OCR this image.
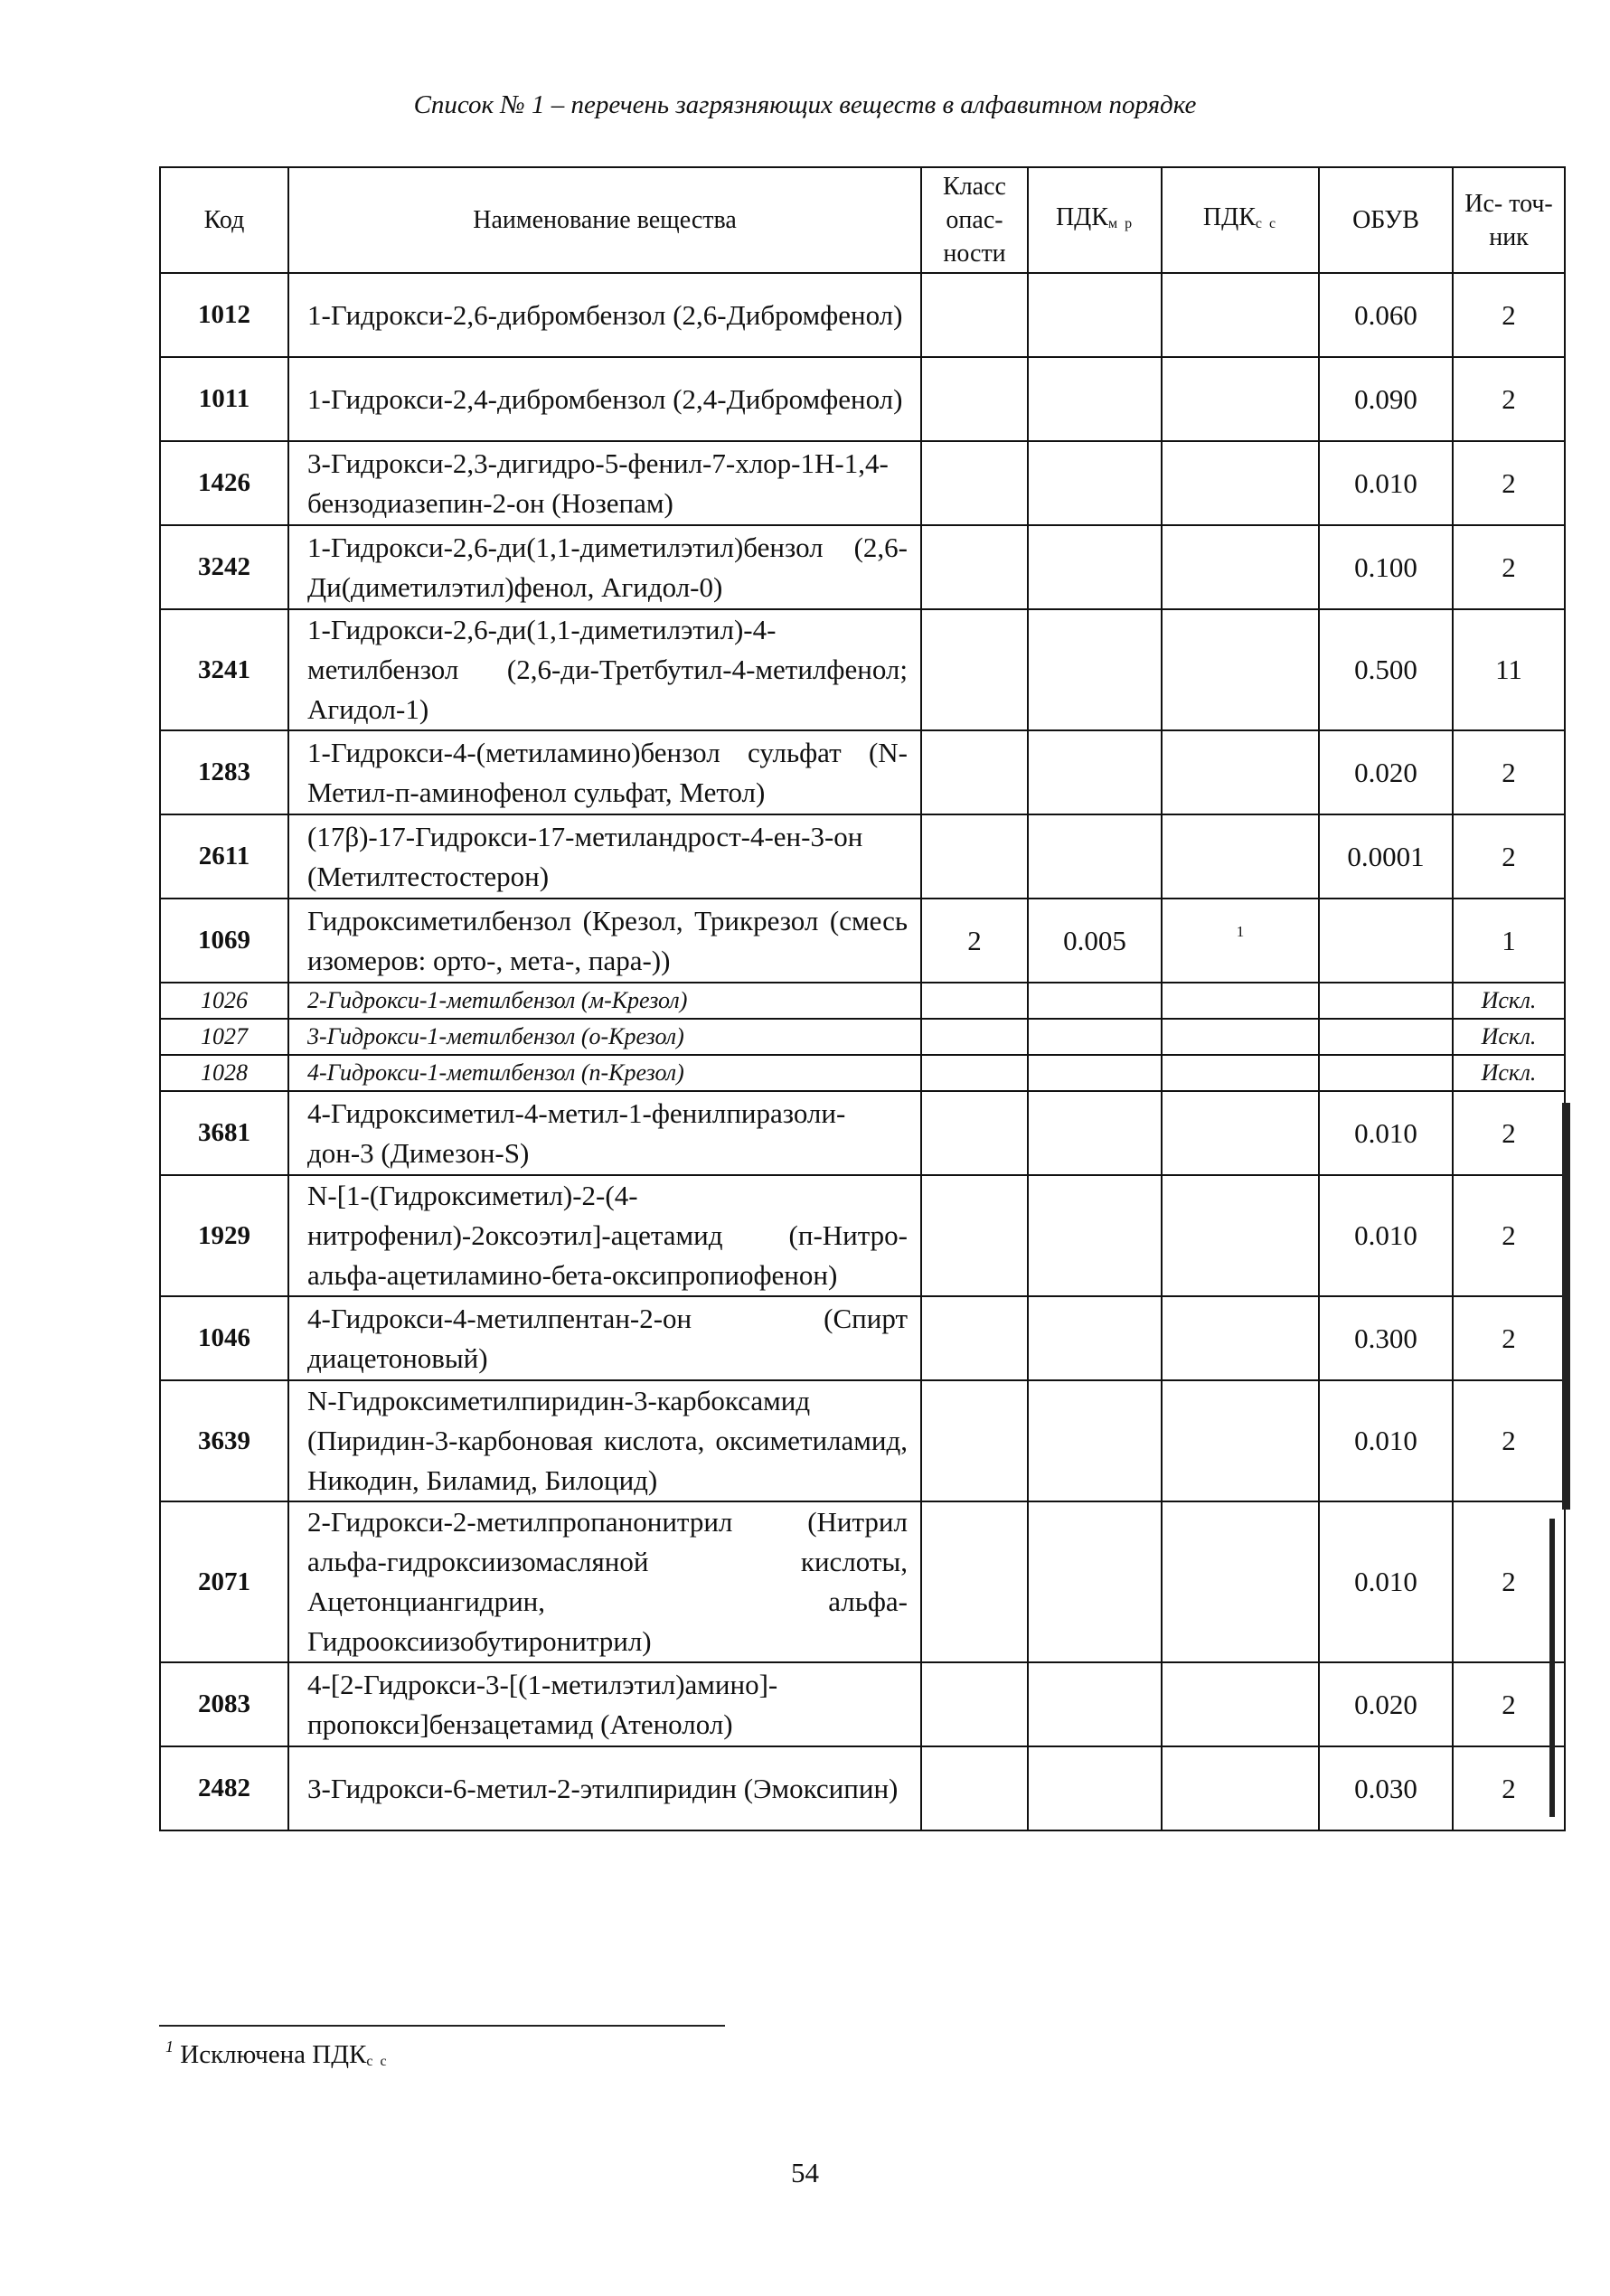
Список № 1 – перечень загрязняющих веществ в алфавитном порядке
Код	Наименование вещества	Класс опас- ности	$ПДК_{м р}$	$ПДК_{с с}$	ОБУВ	Ис- точ- ник
1012	1-Гидрокси-2,6-дибромбензол (2,6-Дибромфенол)				0.060	2
1011	1-Гидрокси-2,4-дибромбензол (2,4-Дибромфенол)				0.090	2
1426	3-Гидрокси-2,3-дигидро-5-фенил-7-хлор-1Н-1,4-бензодиазепин-2-он (Нозепам)				0.010	2
3242	1-Гидрокси-2,6-ди(1,1-диметилэтил)бензол (2,6-Ди(диметилэтил)фенол, Агидол-0)				0.100	2
3241	1-Гидрокси-2,6-ди(1,1-диметилэтил)-4-метилбензол (2,6-ди-Третбутил-4-метилфенол; Агидол-1)				0.500	11
1283	1-Гидрокси-4-(метиламино)бензол сульфат (N-Метил-п-аминофенол сульфат, Метол)				0.020	2
2611	(17β)-17-Гидрокси-17-метиландрост-4-ен-3-он (Метилтестостерон)				0.0001	2
1069	Гидроксиметилбензол (Крезол, Трикрезол (смесь изомеров: орто-, мета-, пара-))	2	0.005	$^1$		1
1026	2-Гидрокси-1-метилбензол (м-Крезол)					Искл.
1027	3-Гидрокси-1-метилбензол (о-Крезол)					Искл.
1028	4-Гидрокси-1-метилбензол (п-Крезол)					Искл.
3681	4-Гидроксиметил-4-метил-1-фенилпиразоли-дон-3 (Димезон-S)				0.010	2
1929	N-[1-(Гидроксиметил)-2-(4-нитрофенил)-2оксоэтил]-ацетамид (п-Нитро-альфа-ацетиламино-бета-оксипропиофенон)				0.010	2
1046	4-Гидрокси-4-метилпентан-2-он (Спирт диацетоновый)				0.300	2
3639	N-Гидроксиметилпиридин-3-карбоксамид (Пиридин-3-карбоновая кислота, оксиметиламид, Никодин, Биламид, Билоцид)				0.010	2
2071	2-Гидрокси-2-метилпропанонитрил (Нитрил альфа-гидроксиизомасляной кислоты, Ацетонциангидрин, альфа-Гидрооксиизобутиронитрил)				0.010	2
2083	4-[2-Гидрокси-3-[(1-метилэтил)амино]-пропокси]бензацетамид (Атенолол)				0.020	2
2482	3-Гидрокси-6-метил-2-этилпиридин (Эмоксипин)				0.030	2
$^1$ Исключена $ПДК_{с с}$
54
